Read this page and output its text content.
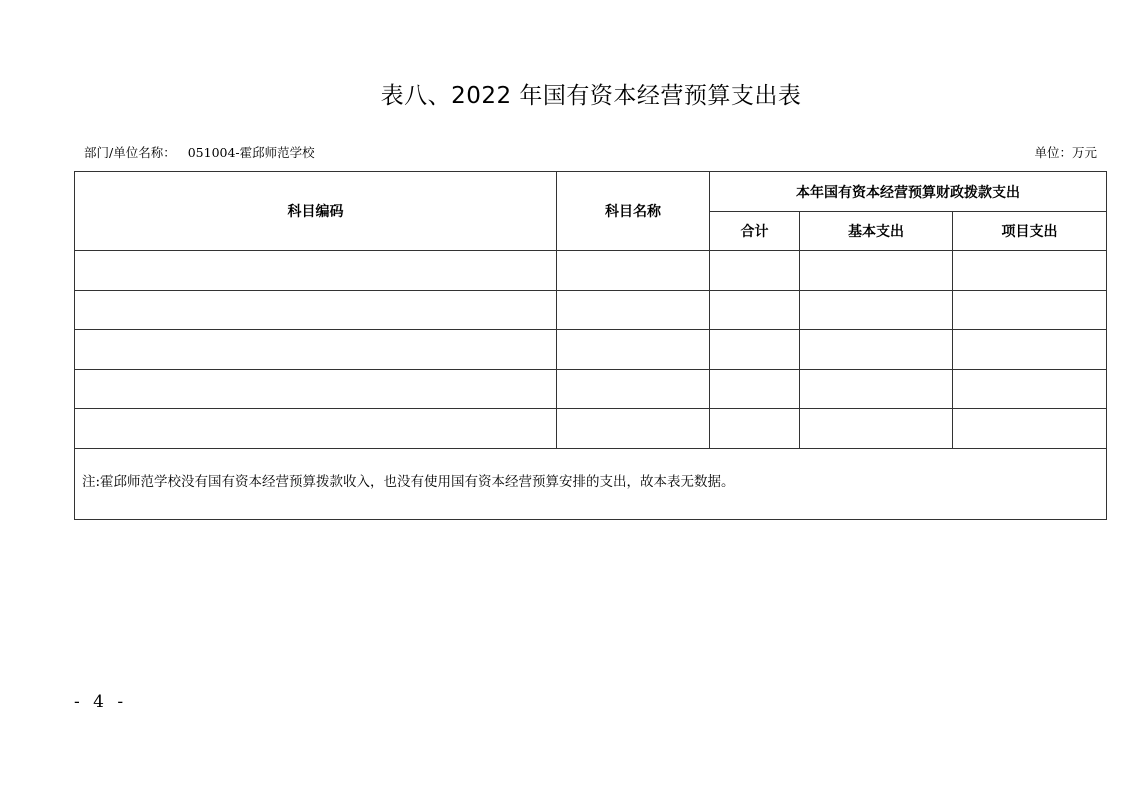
表八、2022 年国有资本经营预算支出表
部门/单位名称： 051004-霍邱师范学校	单位：万元
科目编码	科目名称	本年国有资本经营预算财政拨款支出		
		合计	基本支出	项目支出

注:霍邱师范学校没有国有资本经营预算拨款收入，也没有使用国有资本经营预算安排的支出，故本表无数据。				
- 4 -
